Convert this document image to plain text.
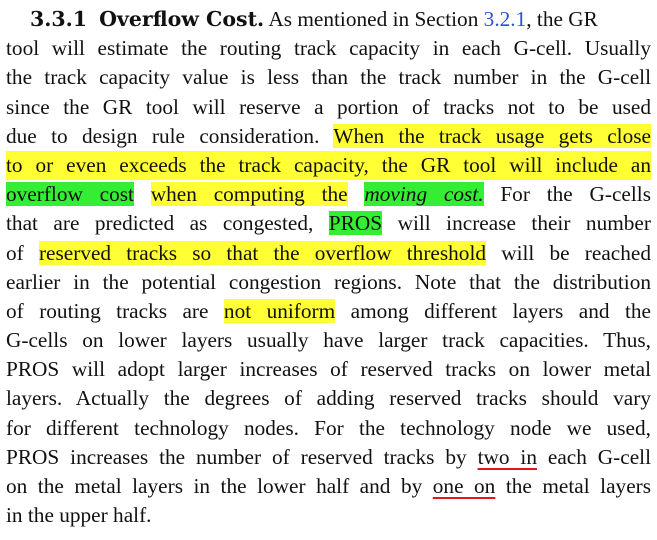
3.3.1 Overflow Cost. As mentioned in Section 3.2.1, the GR
tool will estimate the routing track capacity in each G-cell. Usually
the track capacity value is less than the track number in the G-cell
since the GR tool will reserve a portion of tracks not to be used
due to design rule consideration. When the track usage gets close
to or even exceeds the track capacity, the GR tool will include an
overflow cost when computing the moving cost. For the G-cells
that are predicted as congested, PROS will increase their number
of reserved tracks so that the overflow threshold will be reached
earlier in the potential congestion regions. Note that the distribution
of routing tracks are not uniform among different layers and the
G-cells on lower layers usually have larger track capacities. Thus,
PROS will adopt larger increases of reserved tracks on lower metal
layers. Actually the degrees of adding reserved tracks should vary
for different technology nodes. For the technology node we used,
PROS increases the number of reserved tracks by two in each G-cell
on the metal layers in the lower half and by one on the metal layers
in the upper half.
